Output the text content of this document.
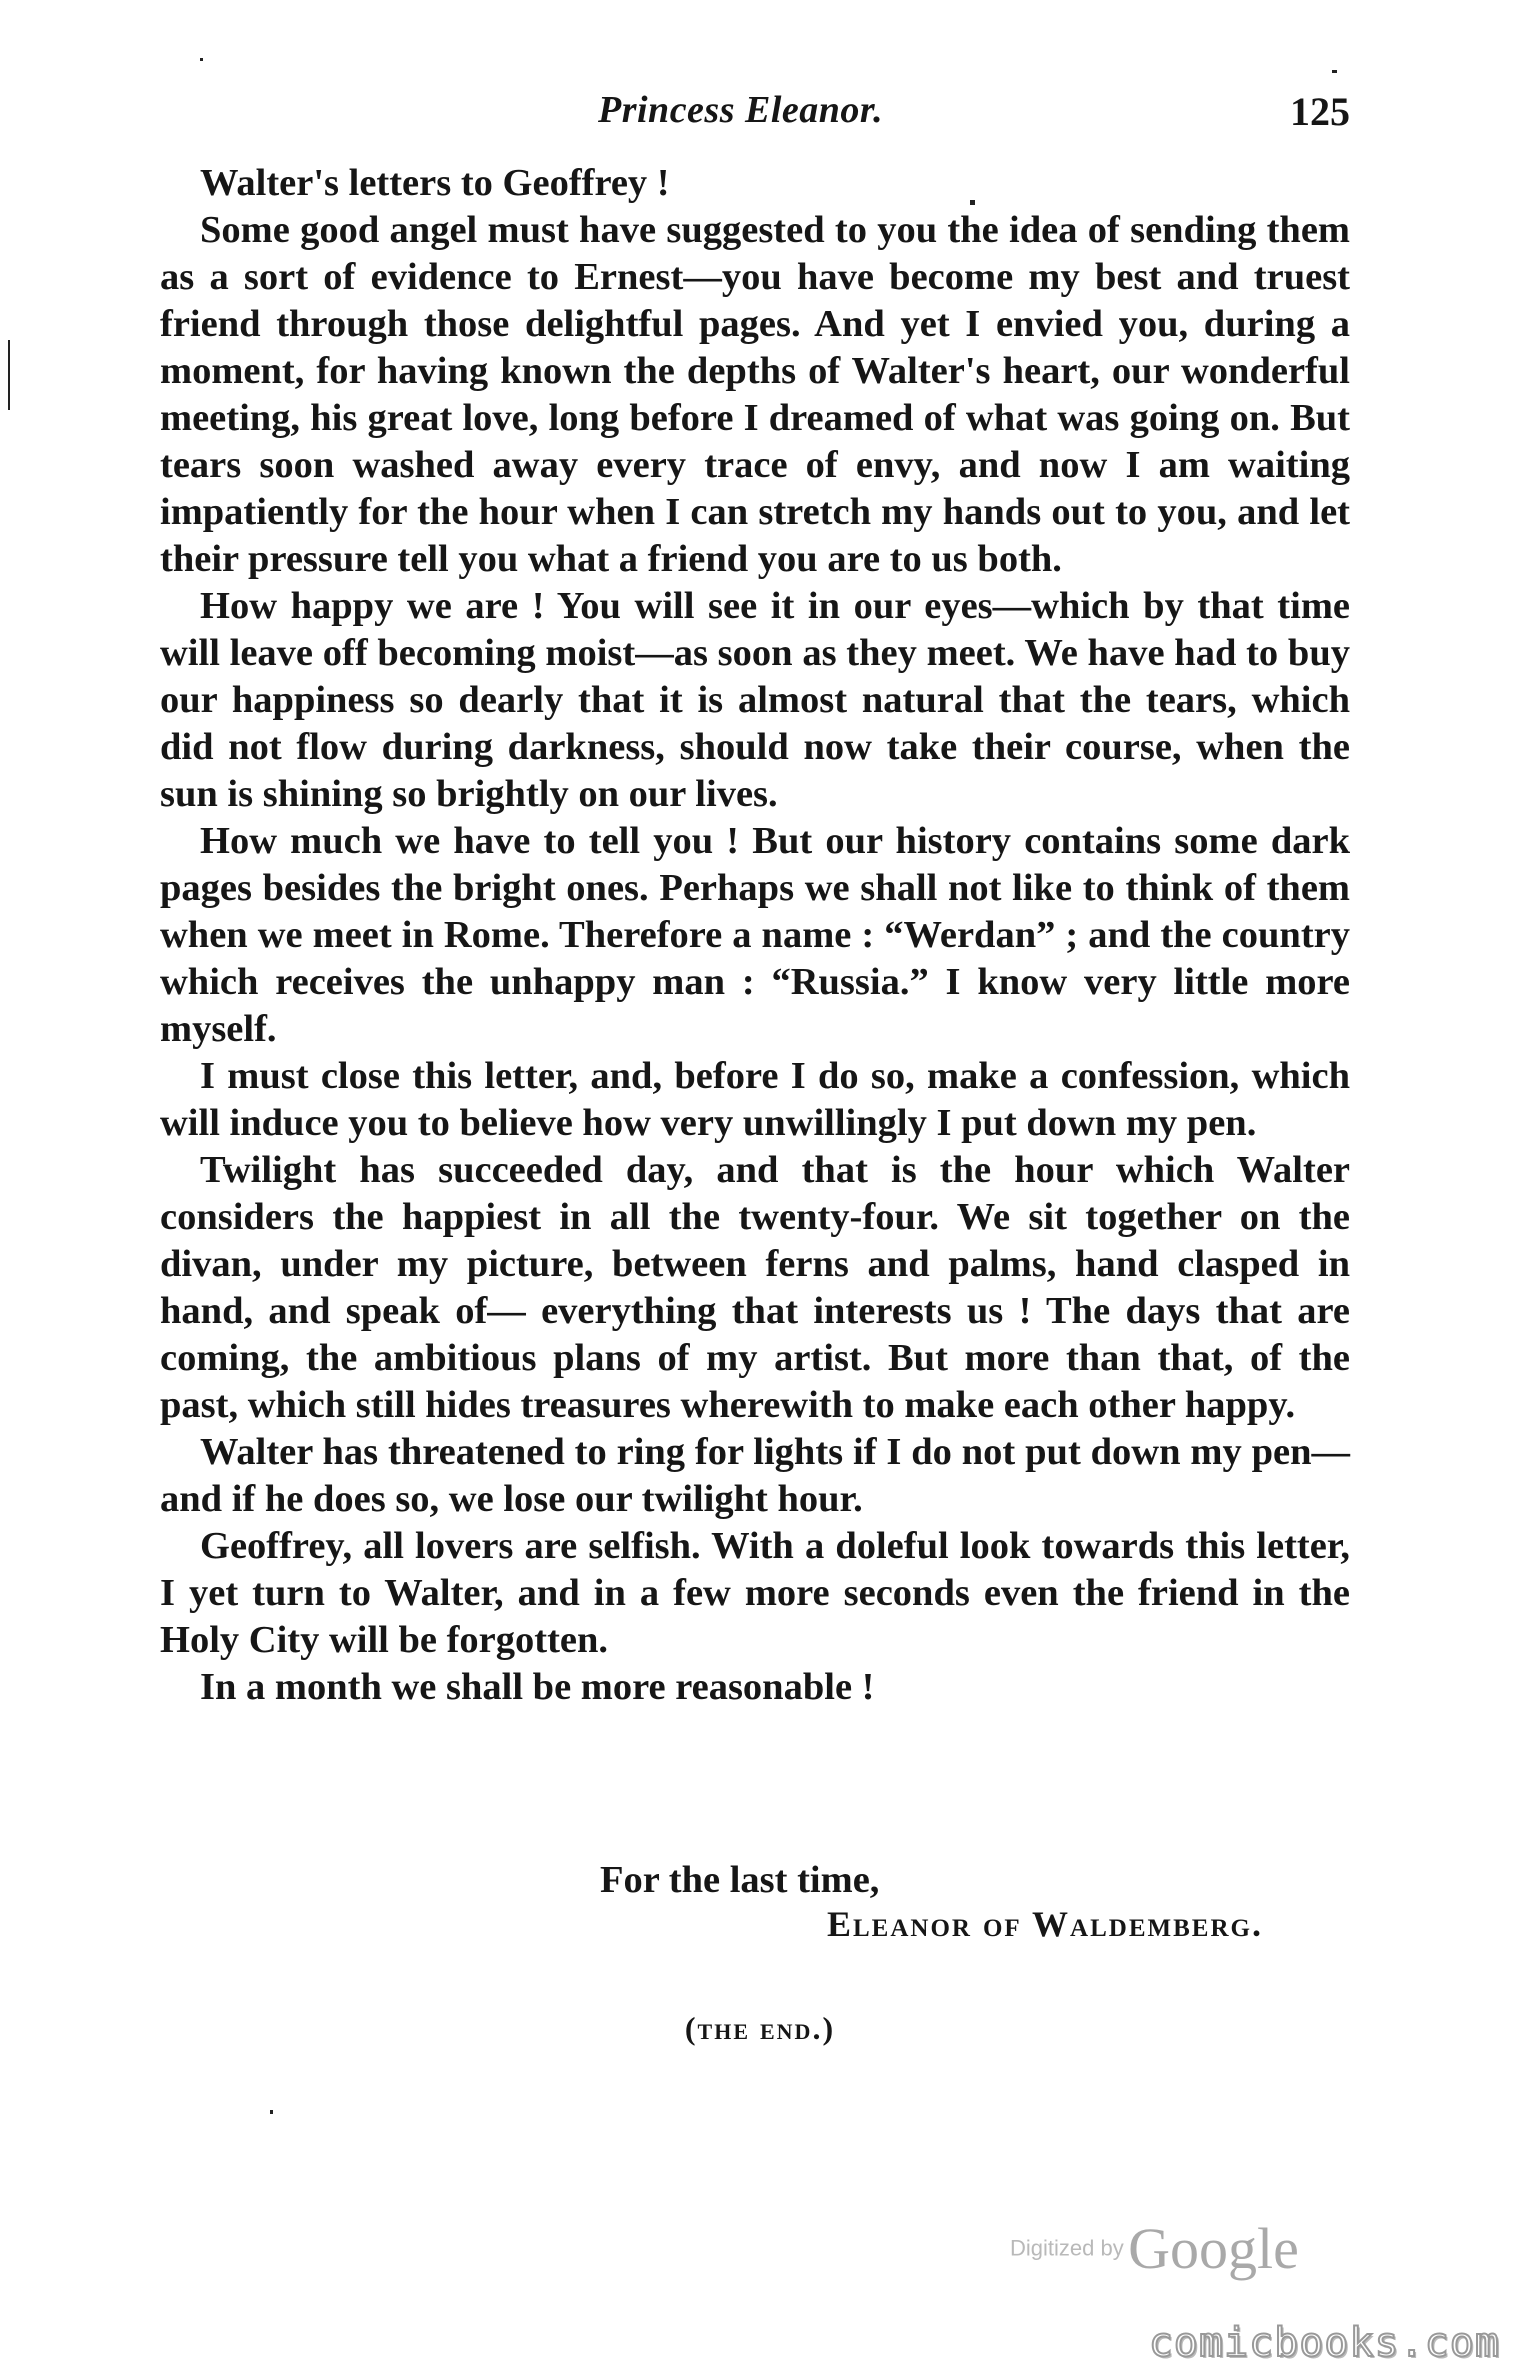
Princess Eleanor.	125

Walter's letters to Geoffrey !

Some good angel must have suggested to you the idea of sending them as a sort of evidence to Ernest—you have become my best and truest friend through those delightful pages. And yet I envied you, during a moment, for having known the depths of Walter's heart, our wonderful meeting, his great love, long before I dreamed of what was going on. But tears soon washed away every trace of envy, and now I am waiting impatiently for the hour when I can stretch my hands out to you, and let their pressure tell you what a friend you are to us both.

How happy we are ! You will see it in our eyes—which by that time will leave off becoming moist—as soon as they meet. We have had to buy our happiness so dearly that it is almost natural that the tears, which did not flow during darkness, should now take their course, when the sun is shining so brightly on our lives.

How much we have to tell you ! But our history contains some dark pages besides the bright ones. Perhaps we shall not like to think of them when we meet in Rome. Therefore a name : “Werdan” ; and the country which receives the unhappy man : “Russia.” I know very little more myself.

I must close this letter, and, before I do so, make a confession, which will induce you to believe how very unwillingly I put down my pen.

Twilight has succeeded day, and that is the hour which Walter considers the happiest in all the twenty-four. We sit together on the divan, under my picture, between ferns and palms, hand clasped in hand, and speak of— everything that interests us ! The days that are coming, the ambitious plans of my artist. But more than that, of the past, which still hides treasures wherewith to make each other happy.

Walter has threatened to ring for lights if I do not put down my pen—and if he does so, we lose our twilight hour.

Geoffrey, all lovers are selfish. With a doleful look towards this letter, I yet turn to Walter, and in a few more seconds even the friend in the Holy City will be forgotten.

In a month we shall be more reasonable !

For the last time,
Eleanor of Waldemberg.
(the end.)
Digitized by Google
comicbooks.com
